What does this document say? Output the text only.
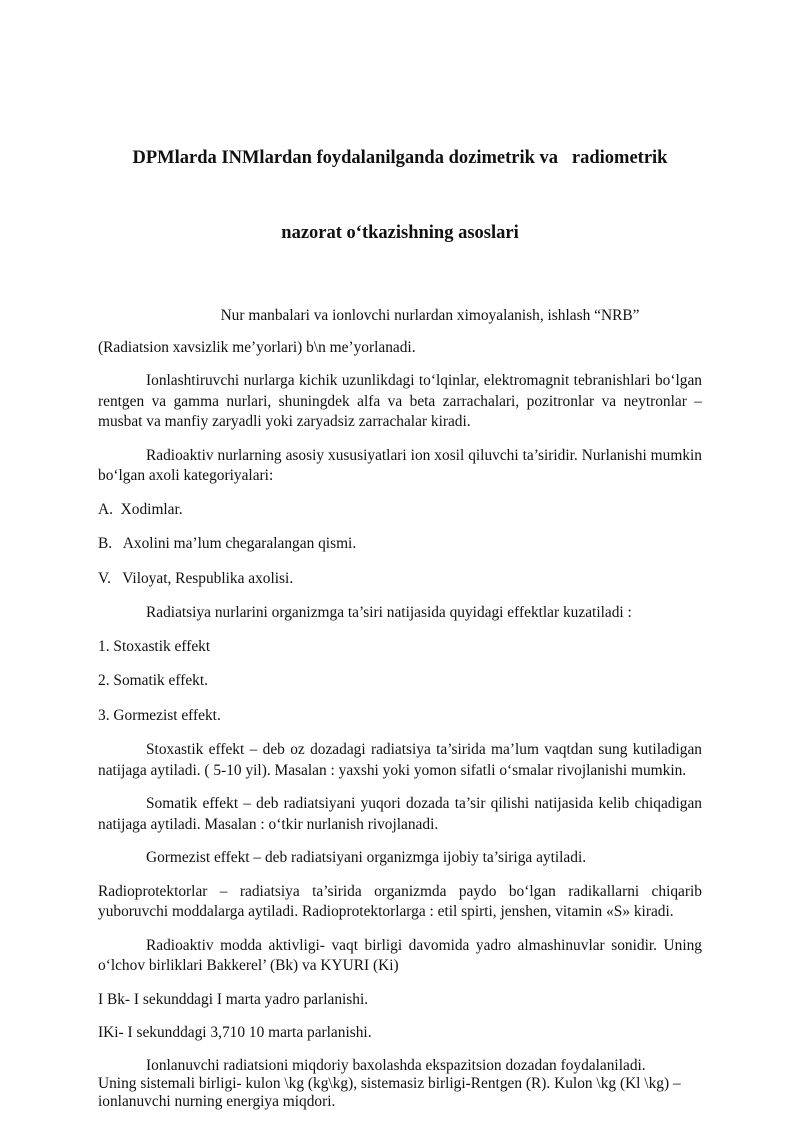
DPMlarda INMlardan foydalanilganda dozimetrik va   radiometrik

nazorat o‘tkazishning asoslari

Nur manbalari va ionlovchi nurlardan ximoyalanish, ishlash “NRB”
(Radiatsion xavsizlik me’yorlari) b\n me’yorlanadi.
Ionlashtiruvchi nurlarga kichik uzunlikdagi to‘lqinlar, elektromagnit tebranishlari bo‘lgan rentgen va gamma nurlari, shuningdek alfa va beta zarrachalari, pozitronlar va neytronlar – musbat va manfiy zaryadli yoki zaryadsiz zarrachalar kiradi.
Radioaktiv nurlarning asosiy xususiyatlari ion xosil qiluvchi ta’siridir. Nurlanishi mumkin bo‘lgan axoli kategoriyalari:
A.  Xodimlar.
B.   Axolini ma’lum chegaralangan qismi.
V.   Viloyat, Respublika axolisi.
Radiatsiya nurlarini organizmga ta’siri natijasida quyidagi effektlar kuzatiladi :
1. Stoxastik effekt
2. Somatik effekt.
3. Gormezist effekt.
Stoxastik effekt – deb oz dozadagi radiatsiya ta’sirida ma’lum vaqtdan sung kutiladigan natijaga aytiladi. ( 5-10 yil). Masalan : yaxshi yoki yomon sifatli o‘smalar rivojlanishi mumkin.
Somatik effekt – deb radiatsiyani yuqori dozada ta’sir qilishi natijasida kelib chiqadigan natijaga aytiladi. Masalan : o‘tkir nurlanish rivojlanadi.
Gormezist effekt – deb radiatsiyani organizmga ijobiy ta’siriga aytiladi.
Radioprotektorlar – radiatsiya ta’sirida organizmda paydo bo‘lgan radikallarni chiqarib yuboruvchi moddalarga aytiladi. Radioprotektorlarga : etil spirti, jenshen, vitamin «S» kiradi.
Radioaktiv modda aktivligi- vaqt birligi davomida yadro almashinuvlar sonidir. Uning o‘lchov birliklari Bakkerel’ (Bk) va KYURI (Ki)
I Bk- I sekunddagi I marta yadro parlanishi.
IKi- I sekunddagi 3,710 10 marta parlanishi.
Ionlanuvchi radiatsioni miqdoriy baxolashda ekspazitsion dozadan foydalaniladi.
Uning sistemali birligi- kulon \kg (kg\kg), sistemasiz birligi-Rentgen (R). Kulon \kg (Kl \kg) – ionlanuvchi nurning energiya miqdori.
